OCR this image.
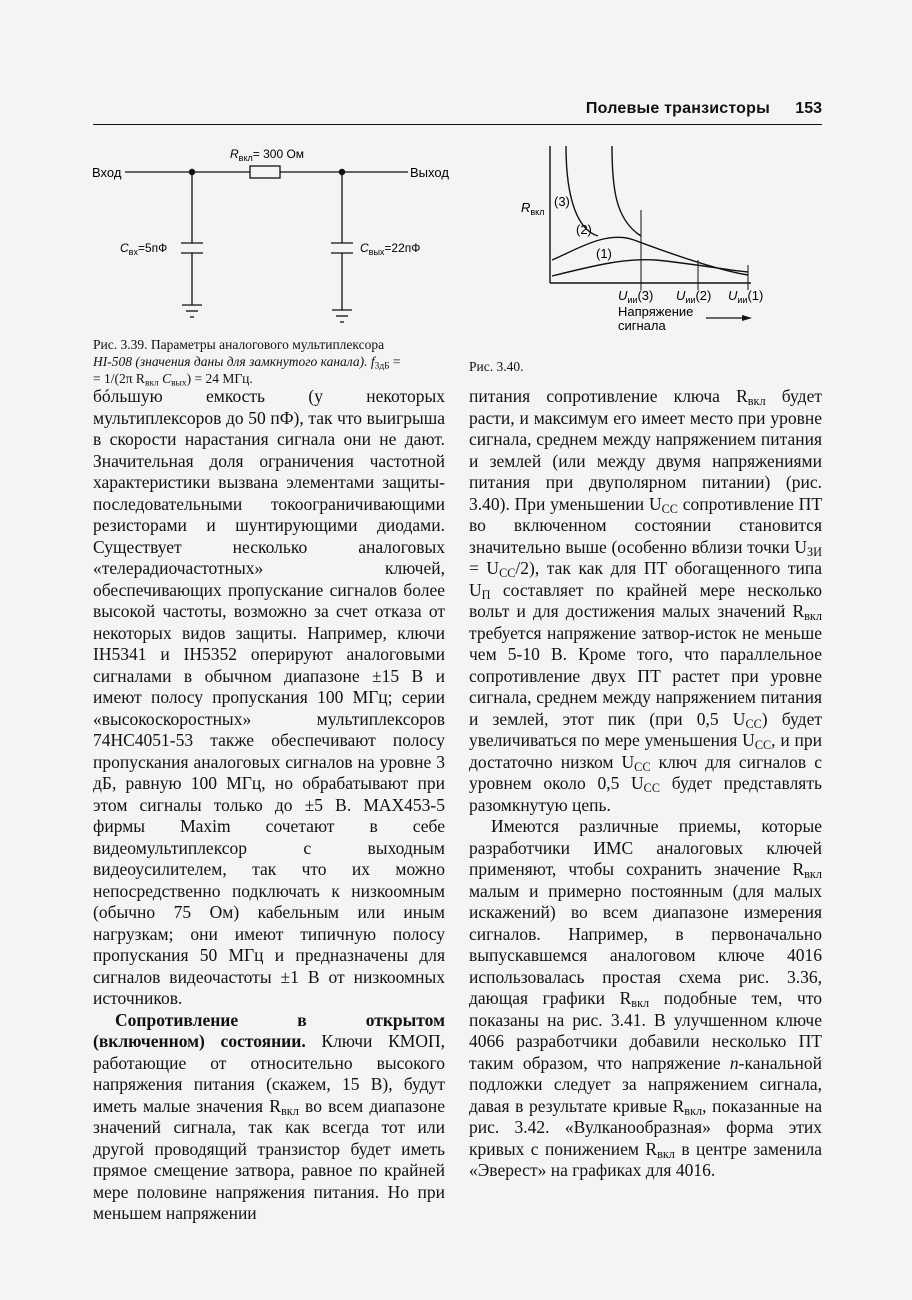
Полевые транзисторы 153
Вход	Выход
$R_{вкл}= 300$ Ом
$C_{вх}=5пФ$	$C_{вых}=22пФ$
Рис. 3.39. Параметры аналогового мультиплексора
HI-508 (значения даны для замкнутого канала). $f_{3дБ}$ =
= 1/(2π $R_{вкл}$ $C_{вых}) = 24$ МГц.
$R_{вкл}$
(3)
(2)
(1)
$U_{ии}(3)$ $U_{ии}(2)$ $U_{ии}(1)$
Напряжение
сигнала
Рис. 3.40.

бóльшую емкость (у некоторых мультиплексоров до 50 пФ), так что выигрыша в скорости нарастания сигнала они не дают. Значительная доля ограничения частотной характеристики вызвана элементами защиты-последовательными токоограничивающими резисторами и шунтирующими диодами. Существует несколько аналоговых «телерадиочастотных» ключей, обеспечивающих пропускание сигналов более высокой частоты, возможно за счет отказа от некоторых видов защиты. Например, ключи IH5341 и IH5352 оперируют аналоговыми сигналами в обычном диапазоне ±15 В и имеют полосу пропускания 100 МГц; серии «высокоскоростных» мультиплексоров 74HC4051-53 также обеспечивают полосу пропускания аналоговых сигналов на уровне 3 дБ, равную 100 МГц, но обрабатывают при этом сигналы только до ±5 В. MAX453-5 фирмы Maxim сочетают в себе видеомультиплексор с выходным видеоусилителем, так что их можно непосредственно подключать к низкоомным (обычно 75 Ом) кабельным или иным нагрузкам; они имеют типичную полосу пропускания 50 МГц и предназначены для сигналов видеочастоты ±1 В от низкоомных источников.

Сопротивление в открытом (включенном) состоянии. Ключи КМОП, работающие от относительно высокого напряжения питания (скажем, 15 В), будут иметь малые значения $R_{вкл}$ во всем диапазоне значений сигнала, так как всегда тот или другой проводящий транзистор будет иметь прямое смещение затвора, равное по крайней мере половине напряжения питания. Но при меньшем напряжении

питания сопротивление ключа $R_{вкл}$ будет расти, и максимум его имеет место при уровне сигнала, среднем между напряжением питания и землей (или между двумя напряжениями питания при двуполярном питании) (рис. 3.40). При уменьшении $U_{CC}$ сопротивление ПТ во включенном состоянии становится значительно выше (особенно вблизи точки $U_{ЗИ} = U_{CC}/2$), так как для ПТ обогащенного типа $U_П$ составляет по крайней мере несколько вольт и для достижения малых значений $R_{вкл}$ требуется напряжение затвор-исток не меньше чем 5-10 В. Кроме того, что параллельное сопротивление двух ПТ растет при уровне сигнала, среднем между напряжением питания и землей, этот пик (при 0,5 $U_{CC}$) будет увеличиваться по мере уменьшения $U_{CC}$, и при достаточно низком $U_{CC}$ ключ для сигналов с уровнем около 0,5 $U_{CC}$ будет представлять разомкнутую цепь.

Имеются различные приемы, которые разработчики ИМС аналоговых ключей применяют, чтобы сохранить значение $R_{вкл}$ малым и примерно постоянным (для малых искажений) во всем диапазоне измерения сигналов. Например, в первоначально выпускавшемся аналоговом ключе 4016 использовалась простая схема рис. 3.36, дающая графики $R_{вкл}$ подобные тем, что показаны на рис. 3.41. В улучшенном ключе 4066 разработчики добавили несколько ПТ таким образом, что напряжение n-канальной подложки следует за напряжением сигнала, давая в результате кривые $R_{вкл}$, показанные на рис. 3.42. «Вулканообразная» форма этих кривых с понижением $R_{вкл}$ в центре заменила «Эверест» на графиках для 4016.
